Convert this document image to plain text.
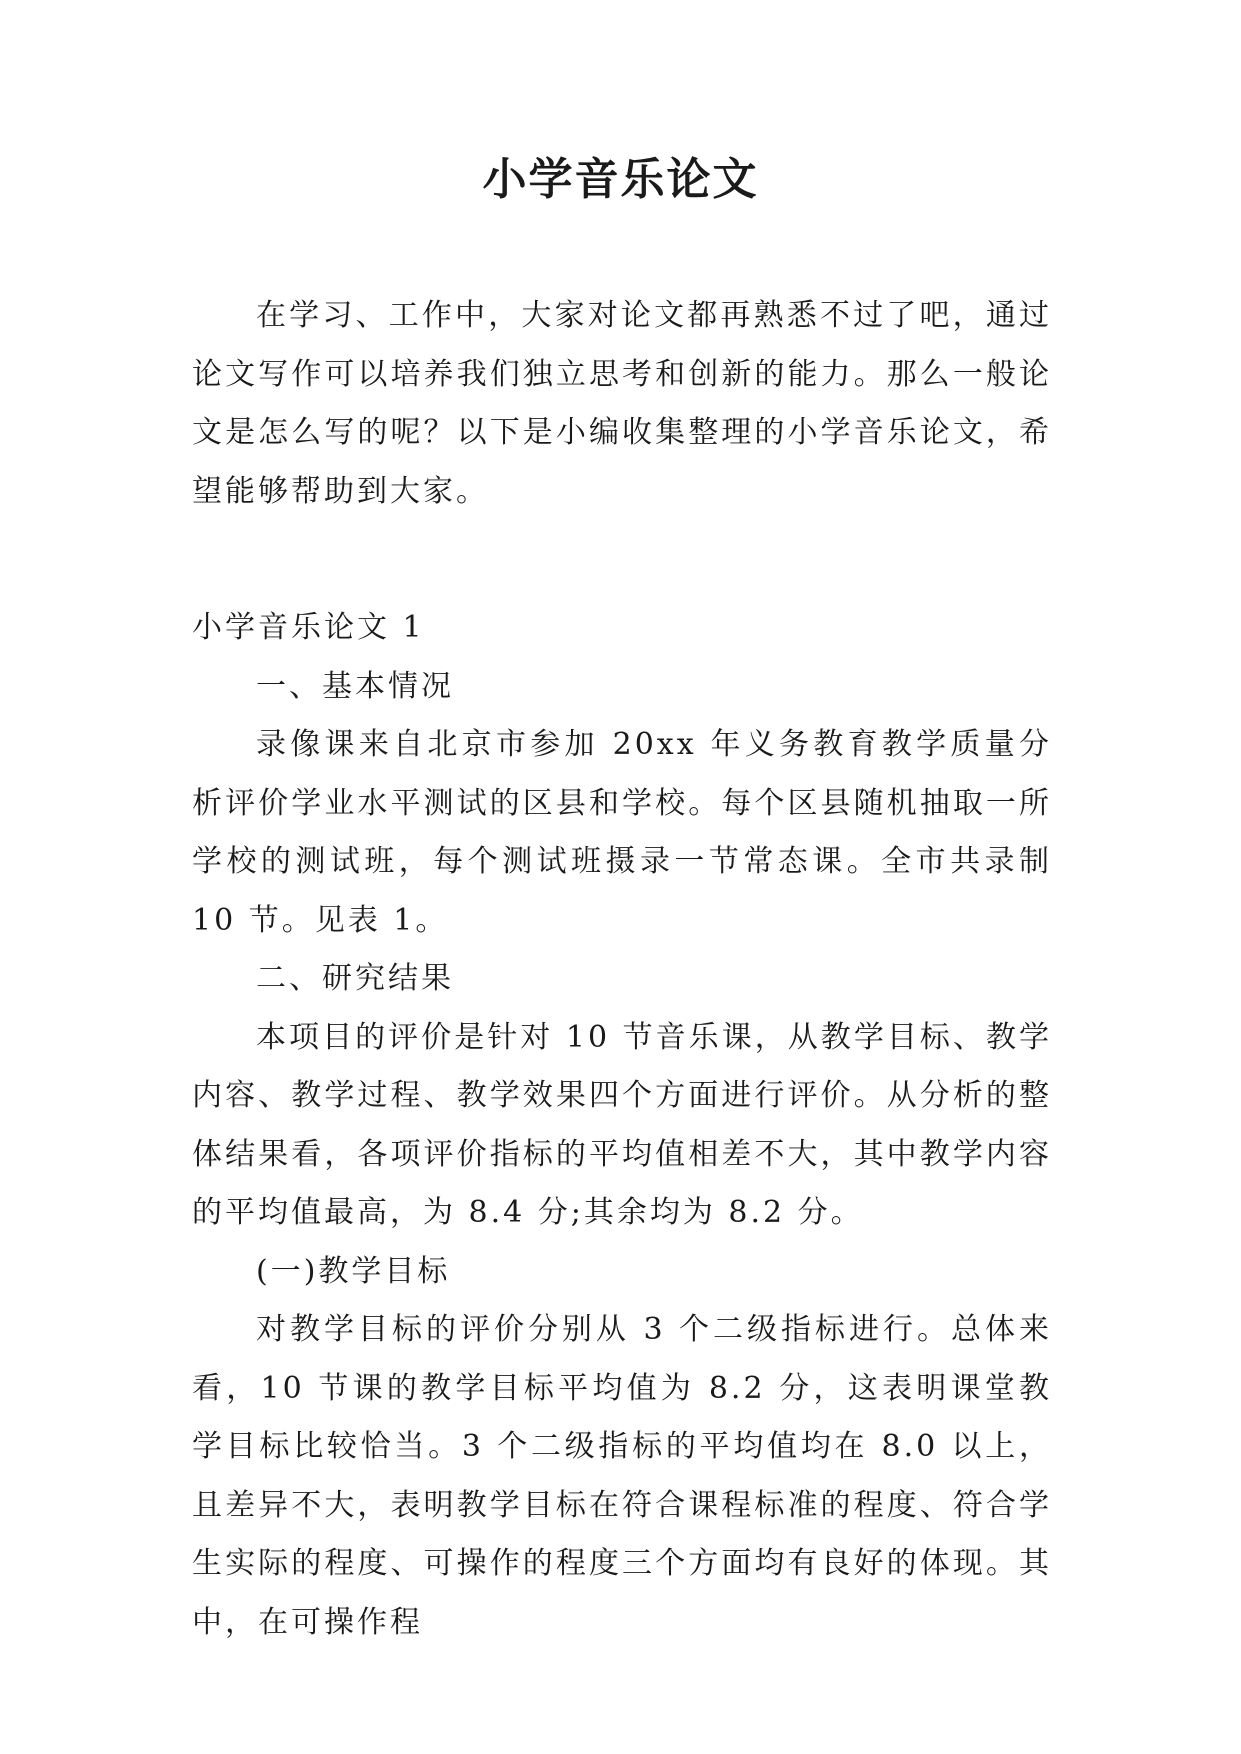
小学音乐论文

在学习、工作中，大家对论文都再熟悉不过了吧，通过论文写作可以培养我们独立思考和创新的能力。那么一般论文是怎么写的呢？以下是小编收集整理的小学音乐论文，希望能够帮助到大家。

小学音乐论文 1

一、基本情况

录像课来自北京市参加 20xx 年义务教育教学质量分析评价学业水平测试的区县和学校。每个区县随机抽取一所学校的测试班，每个测试班摄录一节常态课。全市共录制 10 节。见表 1。

二、研究结果

本项目的评价是针对 10 节音乐课，从教学目标、教学内容、教学过程、教学效果四个方面进行评价。从分析的整体结果看，各项评价指标的平均值相差不大，其中教学内容的平均值最高，为 8.4 分;其余均为 8.2 分。

(一)教学目标

对教学目标的评价分别从 3 个二级指标进行。总体来看，10 节课的教学目标平均值为 8.2 分，这表明课堂教学目标比较恰当。3 个二级指标的平均值均在 8.0 以上，且差异不大，表明教学目标在符合课程标准的程度、符合学生实际的程度、可操作的程度三个方面均有良好的体现。其中，在可操作程
